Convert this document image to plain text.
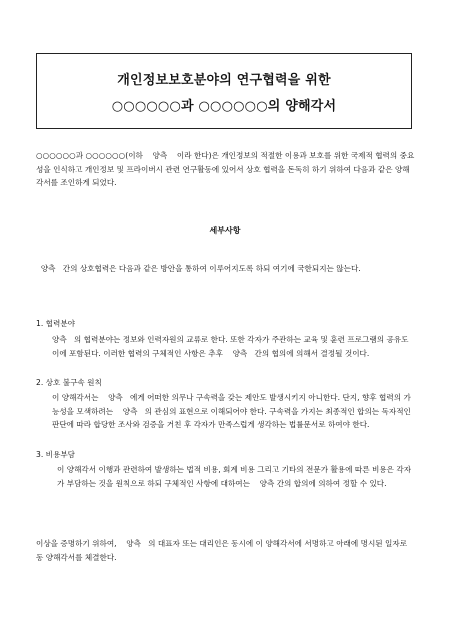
개인정보보호분야의 연구협력을 위한
○○○○○○과 ○○○○○○의 양해각서

○○○○○○과 ○○○○○○(이하    양측    이라 한다)은 개인정보의 적절한 이용과 보호를 위한 국제적 협력의 중요성을 인식하고 개인정보 및 프라이버시 관련 연구활동에 있어서 상호 협력을 돈독히 하기 위하여 다음과 같은 양해각서를 조인하게 되었다.

세부사항

양측   간의 상호협력은 다음과 같은 방안을 통하여 이루어지도록 하되 여기에 국한되지는 않는다.

1. 협력분야

양측   의 협력분야는 정보와 인력자원의 교류로 한다. 또한 각자가 주관하는 교육 및 훈련 프로그램의 공유도 이에 포함된다. 이러한 협력의 구체적인 사항은 추후    양측   간의 협의에 의해서 결정될 것이다.

2. 상호 불구속 원칙

이 양해각서는    양측   에게 어떠한 의무나 구속력을 갖는 제안도 발생시키지 아니한다. 단지, 향후 협력의 가능성을 모색하려는    양측   의 관심의 표현으로 이해되어야 한다. 구속력을 가지는 최종적인 합의는 독자적인 판단에 따라 합당한 조사와 검증을 거친 후 각자가 만족스럽게 생각하는 법률문서로 하여야 한다.

3. 비용부담

이 양해각서 이행과 관련하여 발생하는 법적 비용, 회계 비용 그리고 기타의 전문가 활용에 따른 비용은 각자가 부담하는 것을 원칙으로 하되 구체적인 사항에 대하여는    양측 간의 합의에 의하여 정할 수 있다.

이상을 증명하기 위하여,    양측   의 대표자 또는 대리인은 동시에 이 양해각서에 서명하고 아래에 명시된 일자로 동 양해각서를 체결한다.
